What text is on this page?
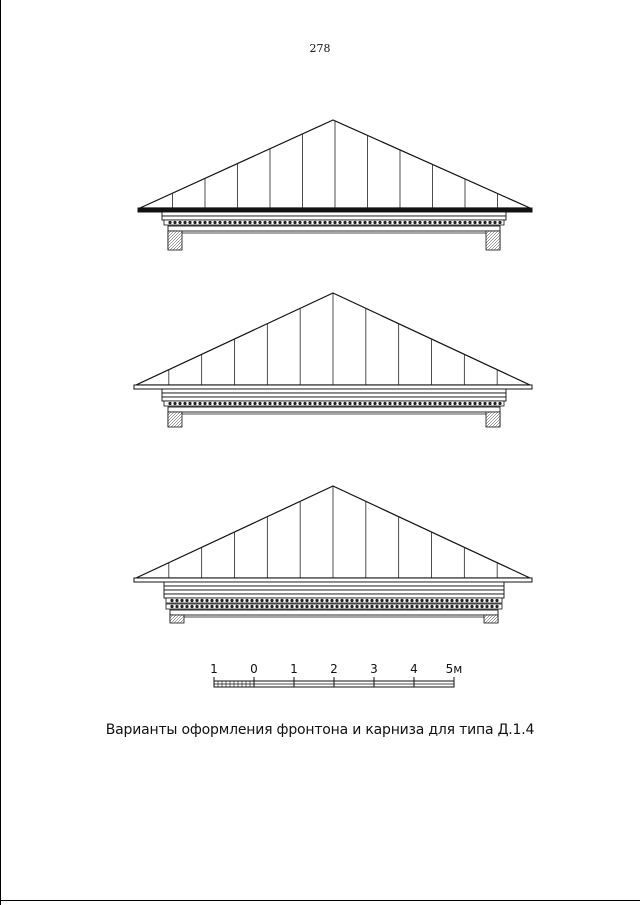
278
1	0	1	2	3	4 5м
Варианты оформления фронтона и карниза для типа Д.1.4
